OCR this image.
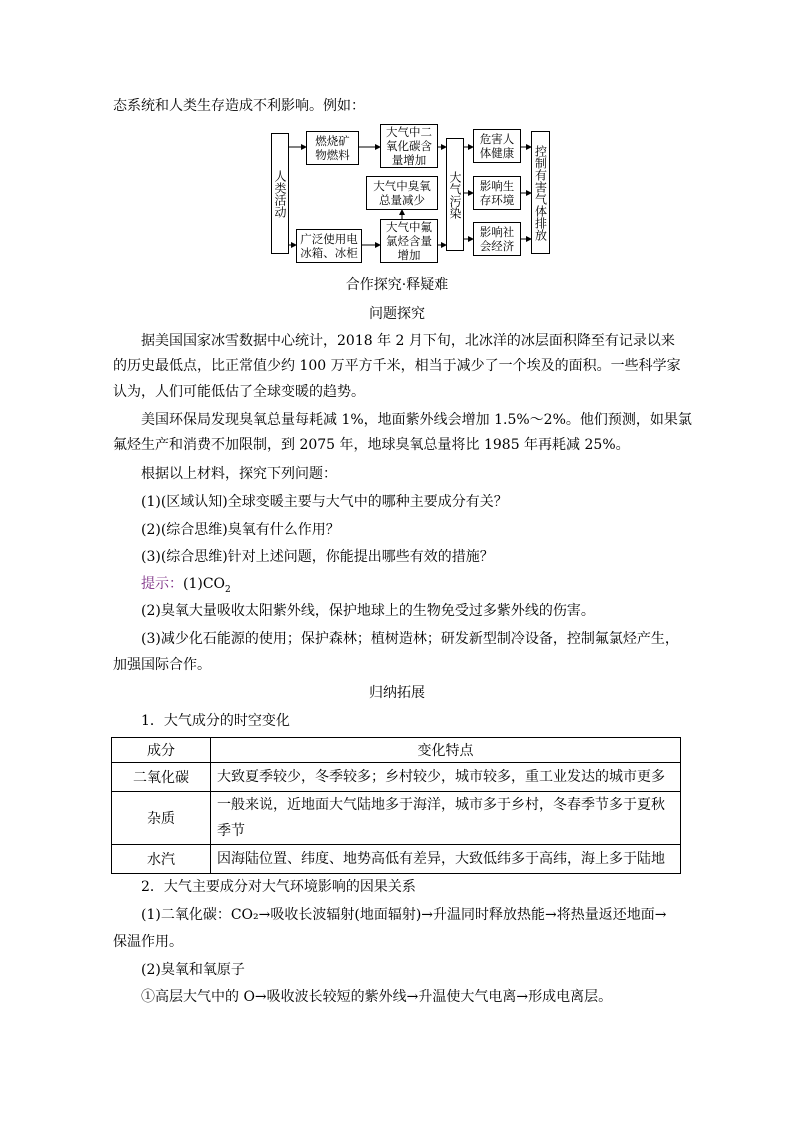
态系统和人类生存造成不利影响。例如：
人类活动
燃烧矿
物燃料
广泛使用电
冰箱、冰柜
大气中二
氧化碳含
量增加
大气中臭氧
总量减少
大气中氟
氯烃含量
增加
大气污染
危害人
体健康
影响生
存环境
影响社
会经济
控制有害气体排放
合作探究·释疑难
问题探究
据美国国家冰雪数据中心统计，2018 年 2 月下旬，北冰洋的冰层面积降至有记录以来
的历史最低点，比正常值少约 100 万平方千米，相当于减少了一个埃及的面积。一些科学家
认为，人们可能低估了全球变暖的趋势。
美国环保局发现臭氧总量每耗减 1%，地面紫外线会增加 1.5%～2%。他们预测，如果氯
氟烃生产和消费不加限制，到 2075 年，地球臭氧总量将比 1985 年再耗减 25%。
根据以上材料，探究下列问题：
(1)(区域认知)全球变暖主要与大气中的哪种主要成分有关？
(2)(综合思维)臭氧有什么作用？
(3)(综合思维)针对上述问题，你能提出哪些有效的措施？
提示：$(1)CO_2$
(2)臭氧大量吸收太阳紫外线，保护地球上的生物免受过多紫外线的伤害。
(3)减少化石能源的使用；保护森林；植树造林；研发新型制冷设备，控制氟氯烃产生，
加强国际合作。
归纳拓展
1．大气成分的时空变化
成分	变化特点
二氧化碳	大致夏季较少，冬季较多；乡村较少，城市较多，重工业发达的城市更多
杂质	一般来说，近地面大气陆地多于海洋，城市多于乡村，冬春季节多于夏秋季节
水汽	因海陆位置、纬度、地势高低有差异，大致低纬多于高纬，海上多于陆地
2．大气主要成分对大气环境影响的因果关系
(1)二氧化碳：CO₂→吸收长波辐射(地面辐射)→升温同时释放热能→将热量返还地面→
保温作用。
(2)臭氧和氧原子
①高层大气中的 O→吸收波长较短的紫外线→升温使大气电离→形成电离层。
